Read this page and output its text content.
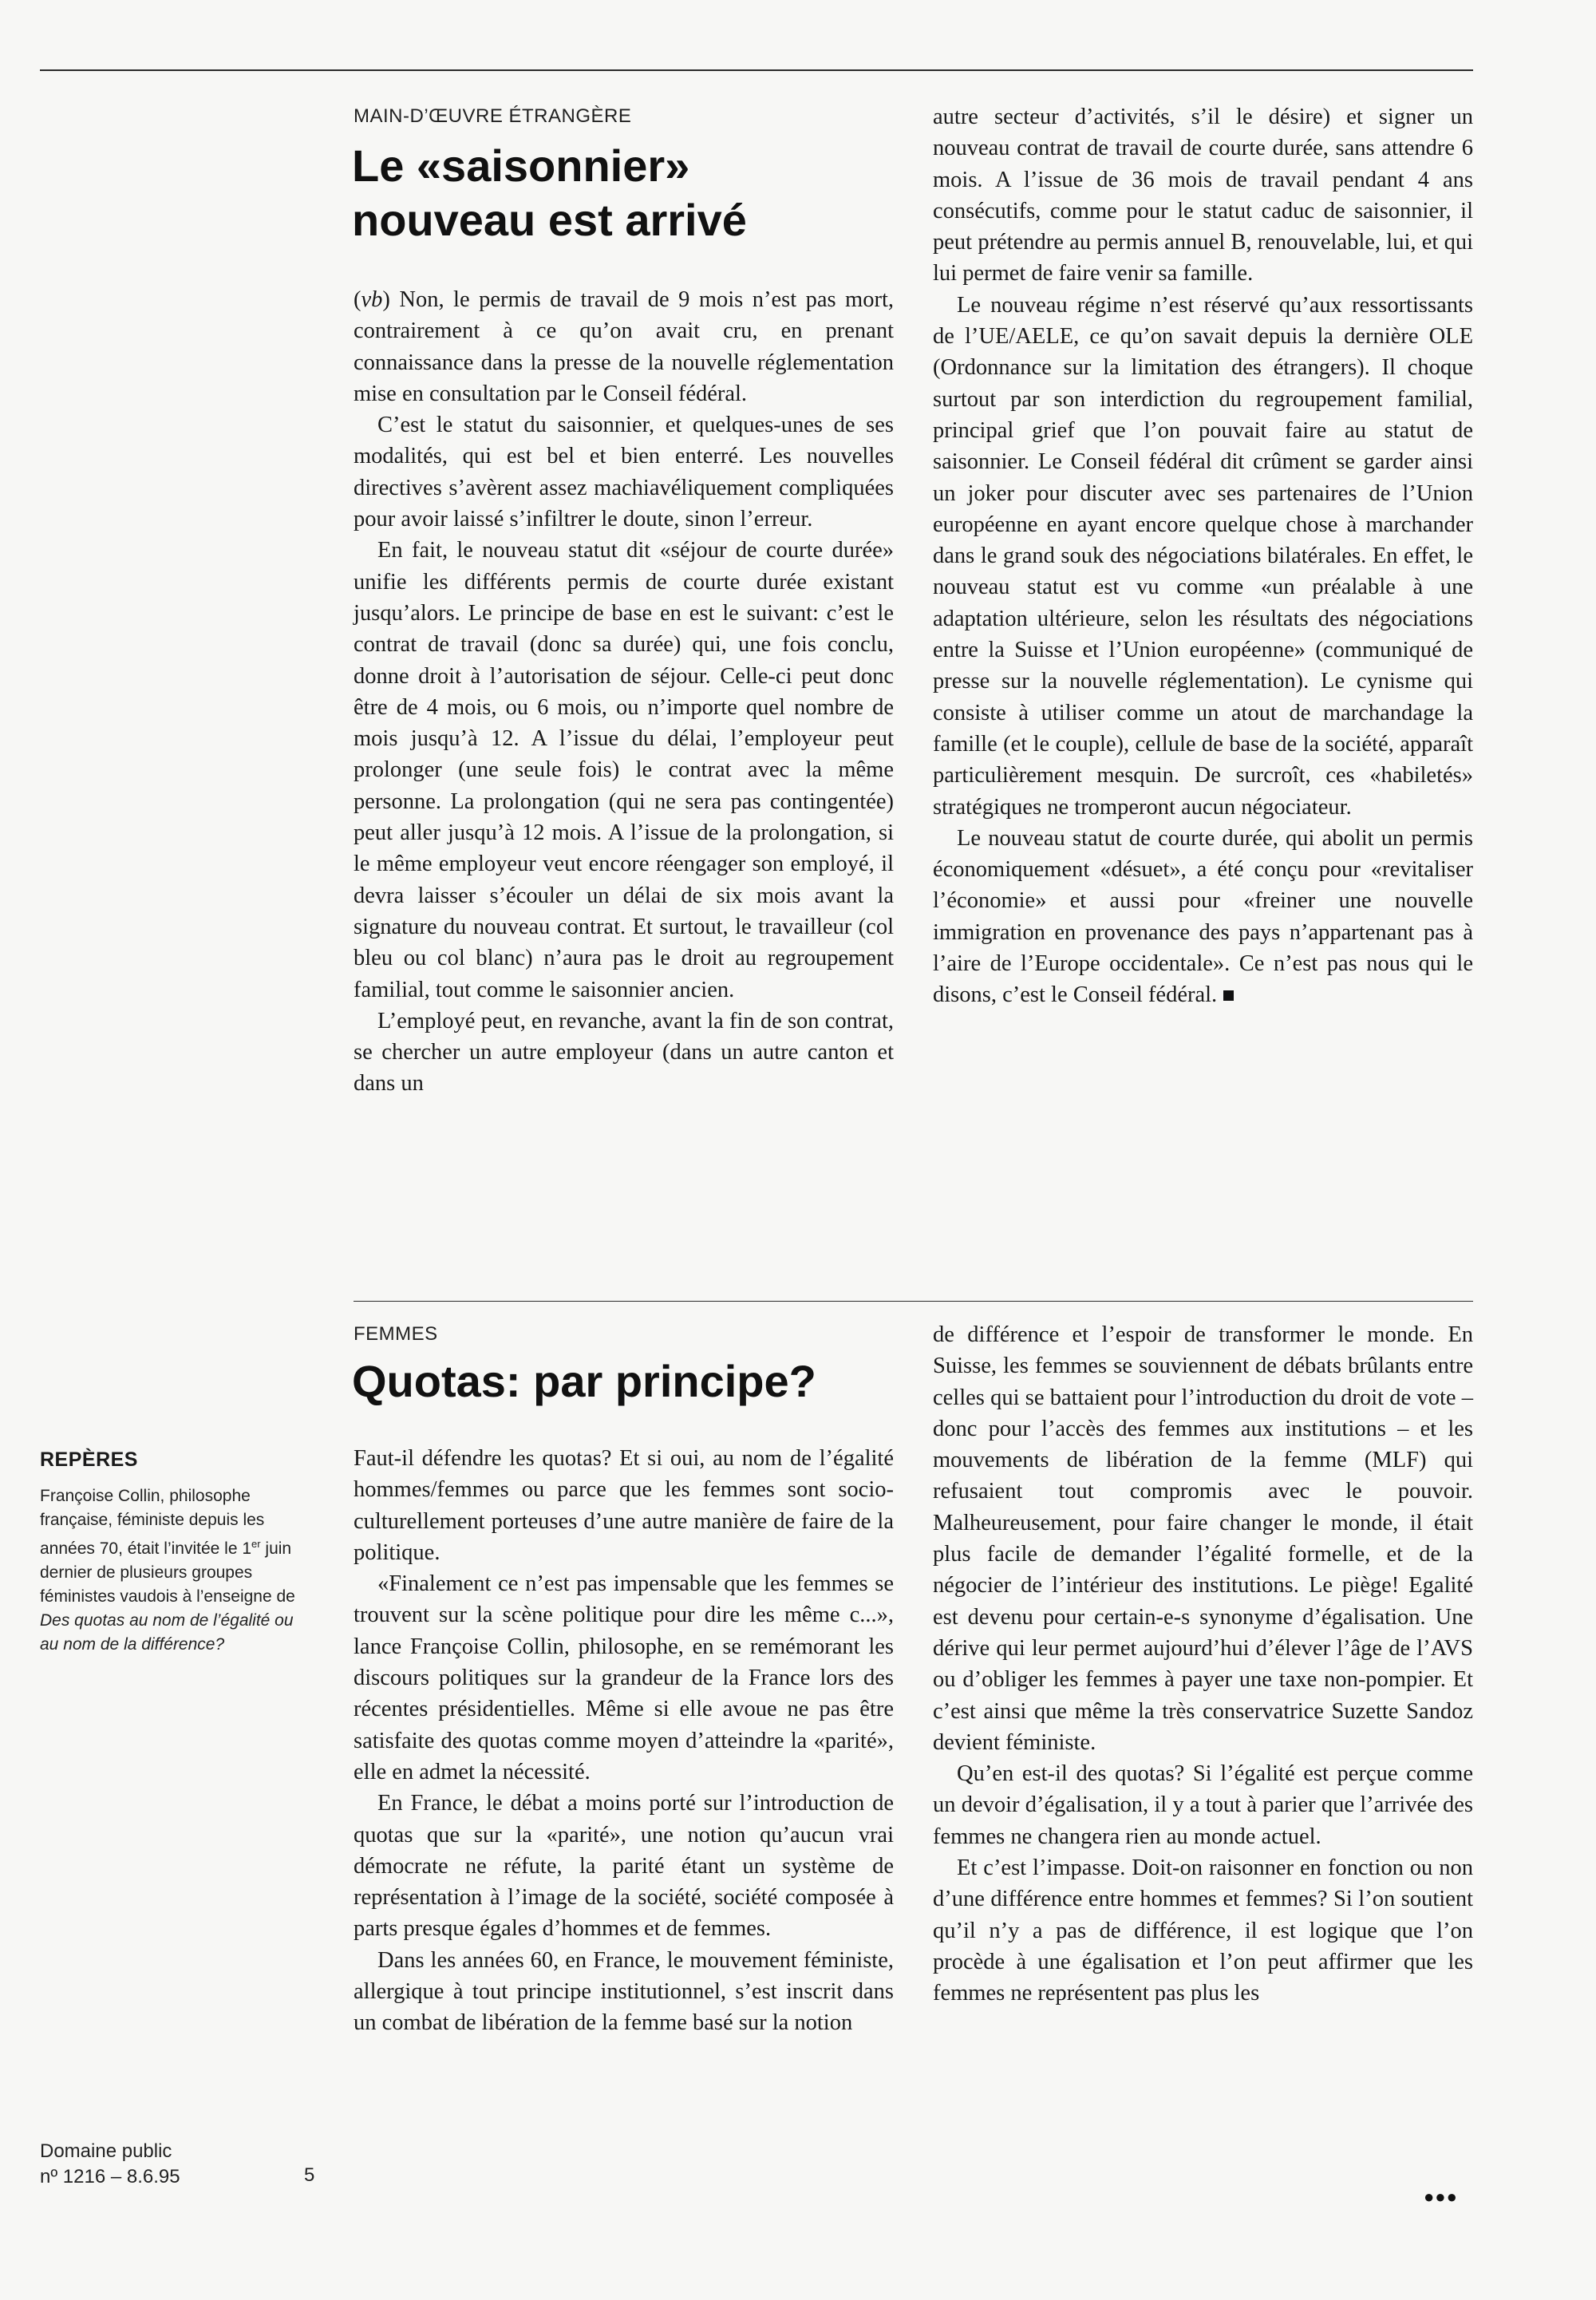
MAIN-D’ŒUVRE ÉTRANGÈRE
Le «saisonnier»
nouveau est arrivé

(vb) Non, le permis de travail de 9 mois n’est pas mort, contrairement à ce qu’on avait cru, en prenant connaissance dans la presse de la nouvelle réglementation mise en consultation par le Conseil fédéral.

C’est le statut du saisonnier, et quelques-unes de ses modalités, qui est bel et bien enterré. Les nouvelles directives s’avèrent assez machiavéliquement compliquées pour avoir laissé s’infiltrer le doute, sinon l’erreur.

En fait, le nouveau statut dit «séjour de courte durée» unifie les différents permis de courte durée existant jusqu’alors. Le principe de base en est le suivant: c’est le contrat de travail (donc sa durée) qui, une fois conclu, donne droit à l’autorisation de séjour. Celle-ci peut donc être de 4 mois, ou 6 mois, ou n’importe quel nombre de mois jusqu’à 12. A l’issue du délai, l’employeur peut prolonger (une seule fois) le contrat avec la même personne. La prolongation (qui ne sera pas contingentée) peut aller jusqu’à 12 mois. A l’issue de la prolongation, si le même employeur veut encore réengager son employé, il devra laisser s’écouler un délai de six mois avant la signature du nouveau contrat. Et surtout, le travailleur (col bleu ou col blanc) n’aura pas le droit au regroupement familial, tout comme le saisonnier ancien.

L’employé peut, en revanche, avant la fin de son contrat, se chercher un autre employeur (dans un autre canton et dans un

autre secteur d’activités, s’il le désire) et signer un nouveau contrat de travail de courte durée, sans attendre 6 mois. A l’issue de 36 mois de travail pendant 4 ans consécutifs, comme pour le statut caduc de saisonnier, il peut prétendre au permis annuel B, renouvelable, lui, et qui lui permet de faire venir sa famille.

Le nouveau régime n’est réservé qu’aux ressortissants de l’UE/AELE, ce qu’on savait depuis la dernière OLE (Ordonnance sur la limitation des étrangers). Il choque surtout par son interdiction du regroupement familial, principal grief que l’on pouvait faire au statut de saisonnier. Le Conseil fédéral dit crûment se garder ainsi un joker pour discuter avec ses partenaires de l’Union européenne en ayant encore quelque chose à marchander dans le grand souk des négociations bilatérales. En effet, le nouveau statut est vu comme «un préalable à une adaptation ultérieure, selon les résultats des négociations entre la Suisse et l’Union européenne» (communiqué de presse sur la nouvelle réglementation). Le cynisme qui consiste à utiliser comme un atout de marchandage la famille (et le couple), cellule de base de la société, apparaît particulièrement mesquin. De surcroît, ces «habiletés» stratégiques ne tromperont aucun négociateur.

Le nouveau statut de courte durée, qui abolit un permis économiquement «désuet», a été conçu pour «revitaliser l’économie» et aussi pour «freiner une nouvelle immigration en provenance des pays n’appartenant pas à l’aire de l’Europe occidentale». Ce n’est pas nous qui le disons, c’est le Conseil fédéral.

FEMMES
Quotas: par principe?

Faut-il défendre les quotas? Et si oui, au nom de l’égalité hommes/femmes ou parce que les femmes sont socio-culturellement porteuses d’une autre manière de faire de la politique.

«Finalement ce n’est pas impensable que les femmes se trouvent sur la scène politique pour dire les même c...», lance Françoise Collin, philosophe, en se remémorant les discours politiques sur la grandeur de la France lors des récentes présidentielles. Même si elle avoue ne pas être satisfaite des quotas comme moyen d’atteindre la «parité», elle en admet la nécessité.

En France, le débat a moins porté sur l’introduction de quotas que sur la «parité», une notion qu’aucun vrai démocrate ne réfute, la parité étant un système de représentation à l’image de la société, société composée à parts presque égales d’hommes et de femmes.

Dans les années 60, en France, le mouvement féministe, allergique à tout principe institutionnel, s’est inscrit dans un combat de libération de la femme basé sur la notion

de différence et l’espoir de transformer le monde. En Suisse, les femmes se souviennent de débats brûlants entre celles qui se battaient pour l’introduction du droit de vote – donc pour l’accès des femmes aux institutions – et les mouvements de libération de la femme (MLF) qui refusaient tout compromis avec le pouvoir. Malheureusement, pour faire changer le monde, il était plus facile de demander l’égalité formelle, et de la négocier de l’intérieur des institutions. Le piège! Egalité est devenu pour certain-e-s synonyme d’égalisation. Une dérive qui leur permet aujourd’hui d’élever l’âge de l’AVS ou d’obliger les femmes à payer une taxe non-pompier. Et c’est ainsi que même la très conservatrice Suzette Sandoz devient féministe.

Qu’en est-il des quotas? Si l’égalité est perçue comme un devoir d’égalisation, il y a tout à parier que l’arrivée des femmes ne changera rien au monde actuel.

Et c’est l’impasse. Doit-on raisonner en fonction ou non d’une différence entre hommes et femmes? Si l’on soutient qu’il n’y a pas de différence, il est logique que l’on procède à une égalisation et l’on peut affirmer que les femmes ne représentent pas plus les

●●●
REPÈRES
Françoise Collin, philosophe française, féministe depuis les années 70, était l’invitée le 1er juin dernier de plusieurs groupes féministes vaudois à l’enseigne de Des quotas au nom de l’égalité ou au nom de la différence?
Domaine public
nº 1216 – 8.6.95	5
